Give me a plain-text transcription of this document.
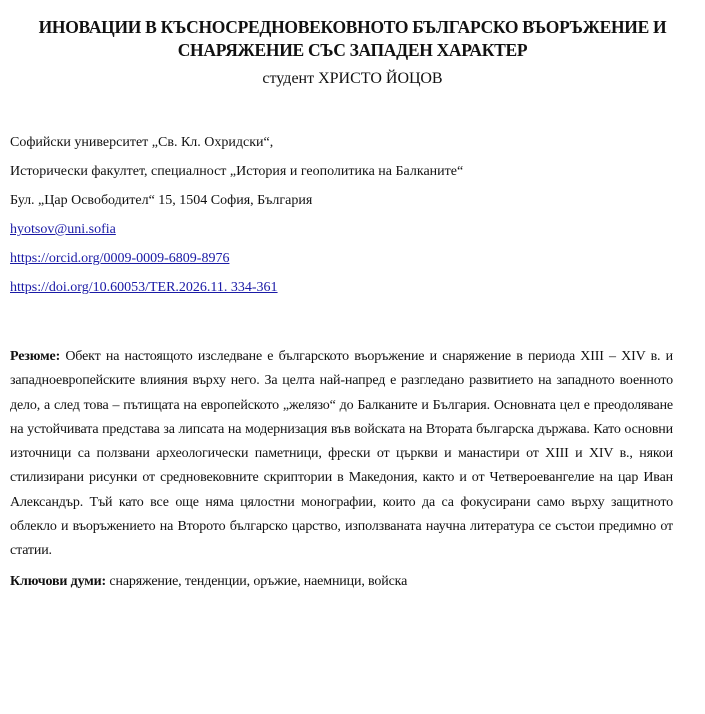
ИНОВАЦИИ В КЪСНОСРЕДНОВЕКОВНОТО БЪЛГАРСКО ВЪОРЪЖЕНИЕ И
СНАРЯЖЕНИЕ СЪС ЗАПАДЕН ХАРАКТЕР
студент ХРИСТО ЙОЦОВ
Софийски университет „Св. Кл. Охридски“,
Исторически факултет, специалност „История и геополитика на Балканите“
Бул. „Цар Освободител“ 15, 1504 София, България
hyotsov@uni.sofia
https://orcid.org/0009-0009-6809-8976
https://doi.org/10.60053/TER.2026.11. 334-361
Резюме: Обект на настоящото изследване е българското въоръжение и снаряжение в периода XIII – XIV в. и западноевропейските влияния върху него. За целта най-напред е разгледано развитието на западното военното дело, а след това – пътищата на европейското „желязо“ до Балканите и България. Основната цел е преодоляване на устойчивата представа за липсата на модернизация във войската на Втората българска държава. Като основни източници са ползвани археологически паметници, фрески от църкви и манастири от XIII и XIV в., някои стилизирани рисунки от средновековните скриптории в Македония, както и от Четвероевангелие на цар Иван Александър. Тъй като все още няма цялостни монографии, които да са фокусирани само върху защитното облекло и въоръжението на Второто българско царство, използваната научна литература се състои предимно от статии.
Ключови думи: снаряжение, тенденции, оръжие, наемници, войска
